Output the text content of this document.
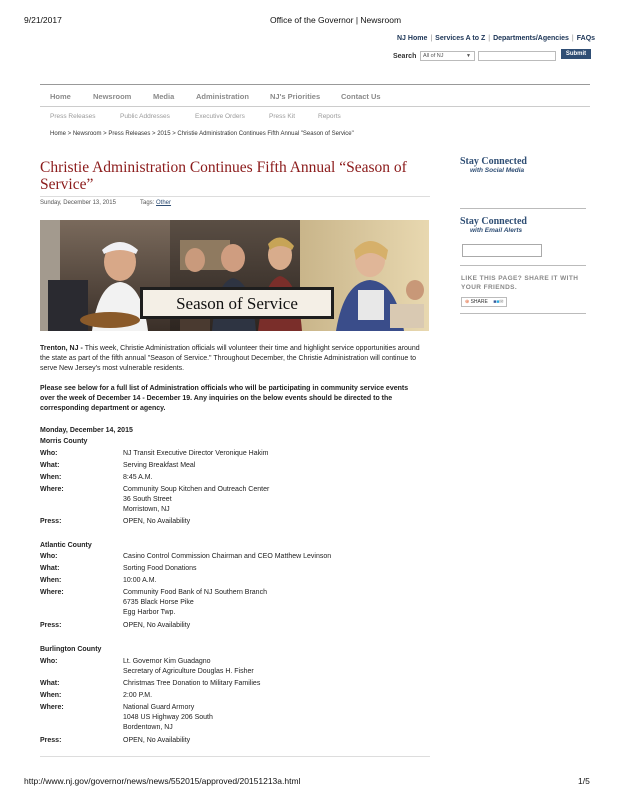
9/21/2017	Office of the Governor | Newsroom
NJ Home | Services A to Z | Departments/Agencies | FAQs
Search	All of NJ	▼	Submit
Home	Newsroom	Media	Administration	NJ's Priorities	Contact Us
Press Releases	Public Addresses	Executive Orders	Press Kit	Reports
Home > Newsroom > Press Releases > 2015 > Christie Administration Continues Fifth Annual "Season of Service"
Christie Administration Continues Fifth Annual “Season of Service”
Sunday, December 13, 2015	Tags: Other
Season of Service
Trenton, NJ - This week, Christie Administration officials will volunteer their time and highlight service opportunities around the state as part of the fifth annual "Season of Service." Throughout December, the Christie Administration will continue to serve New Jersey's most vulnerable residents.
Please see below for a full list of Administration officials who will be participating in community service events over the week of December 14 - December 19. Any inquiries on the below events should be directed to the corresponding department or agency.
Monday, December 14, 2015
Morris County
Who:	NJ Transit Executive Director Veronique Hakim
What:	Serving Breakfast Meal
When:	8:45 A.M.
Where:	Community Soup Kitchen and Outreach Center
36 South Street
Morristown, NJ
Press:	OPEN, No Availability
Atlantic County
Who:	Casino Control Commission Chairman and CEO Matthew Levinson
What:	Sorting Food Donations
When:	10:00 A.M.
Where:	Community Food Bank of NJ Southern Branch
6735 Black Horse Pike
Egg Harbor Twp.
Press:	OPEN, No Availability
Burlington County
Who:	Lt. Governor Kim Guadagno
Secretary of Agriculture Douglas H. Fisher
What:	Christmas Tree Donation to Military Families
When:	2:00 P.M.
Where:	National Guard Armory
1048 US Highway 206 South
Bordentown, NJ
Press:	OPEN, No Availability
Stay Connected
with Social Media
Stay Connected
with Email Alerts
LIKE THIS PAGE? SHARE IT WITH YOUR FRIENDS.
⊕ SHARE ■■✉
http://www.nj.gov/governor/news/news/552015/approved/20151213a.html	1/5
